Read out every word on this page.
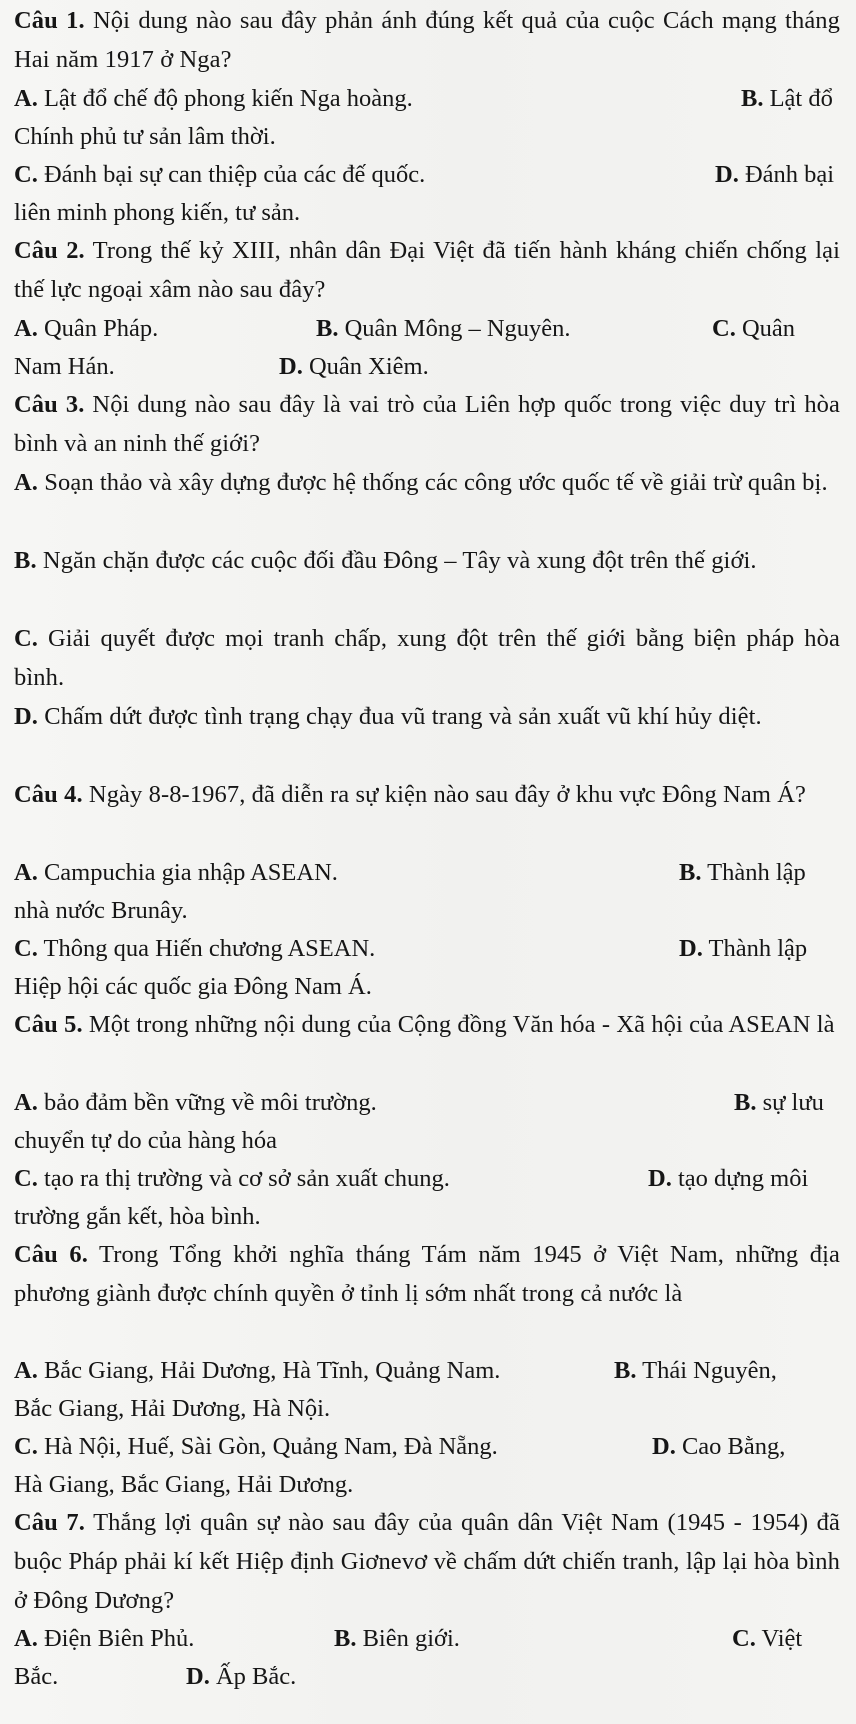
Câu 1. Nội dung nào sau đây phản ánh đúng kết quả của cuộc Cách mạng tháng Hai năm 1917 ở Nga?
A. Lật đổ chế độ phong kiến Nga hoàng.	B. Lật đổ
Chính phủ tư sản lâm thời.
C. Đánh bại sự can thiệp của các đế quốc.	D. Đánh bại
liên minh phong kiến, tư sản.
Câu 2. Trong thế kỷ XIII, nhân dân Đại Việt đã tiến hành kháng chiến chống lại thế lực ngoại xâm nào sau đây?
A. Quân Pháp.	B. Quân Mông – Nguyên.	C. Quân
Nam Hán.	D. Quân Xiêm.
Câu 3. Nội dung nào sau đây là vai trò của Liên hợp quốc trong việc duy trì hòa bình và an ninh thế giới?
A. Soạn thảo và xây dựng được hệ thống các công ước quốc tế về giải trừ quân bị.
B. Ngăn chặn được các cuộc đối đầu Đông – Tây và xung đột trên thế giới.
C. Giải quyết được mọi tranh chấp, xung đột trên thế giới bằng biện pháp hòa bình.
D. Chấm dứt được tình trạng chạy đua vũ trang và sản xuất vũ khí hủy diệt.
Câu 4. Ngày 8-8-1967, đã diễn ra sự kiện nào sau đây ở khu vực Đông Nam Á?
A. Campuchia gia nhập ASEAN.	B. Thành lập
nhà nước Brunây.
C. Thông qua Hiến chương ASEAN.	D. Thành lập
Hiệp hội các quốc gia Đông Nam Á.
Câu 5. Một trong những nội dung của Cộng đồng Văn hóa - Xã hội của ASEAN là
A. bảo đảm bền vững về môi trường.	B. sự lưu
chuyển tự do của hàng hóa
C. tạo ra thị trường và cơ sở sản xuất chung.	D. tạo dựng môi
trường gắn kết, hòa bình.
Câu 6. Trong Tổng khởi nghĩa tháng Tám năm 1945 ở Việt Nam, những địa phương giành được chính quyền ở tỉnh lị sớm nhất trong cả nước là
A. Bắc Giang, Hải Dương, Hà Tĩnh, Quảng Nam.	B. Thái Nguyên,
Bắc Giang, Hải Dương, Hà Nội.
C. Hà Nội, Huế, Sài Gòn, Quảng Nam, Đà Nẵng.	D. Cao Bằng,
Hà Giang, Bắc Giang, Hải Dương.
Câu 7. Thắng lợi quân sự nào sau đây của quân dân Việt Nam (1945 - 1954) đã buộc Pháp phải kí kết Hiệp định Giơnevơ về chấm dứt chiến tranh, lập lại hòa bình ở Đông Dương?
A. Điện Biên Phủ.	B. Biên giới.	C. Việt
Bắc.	D. Ấp Bắc.
